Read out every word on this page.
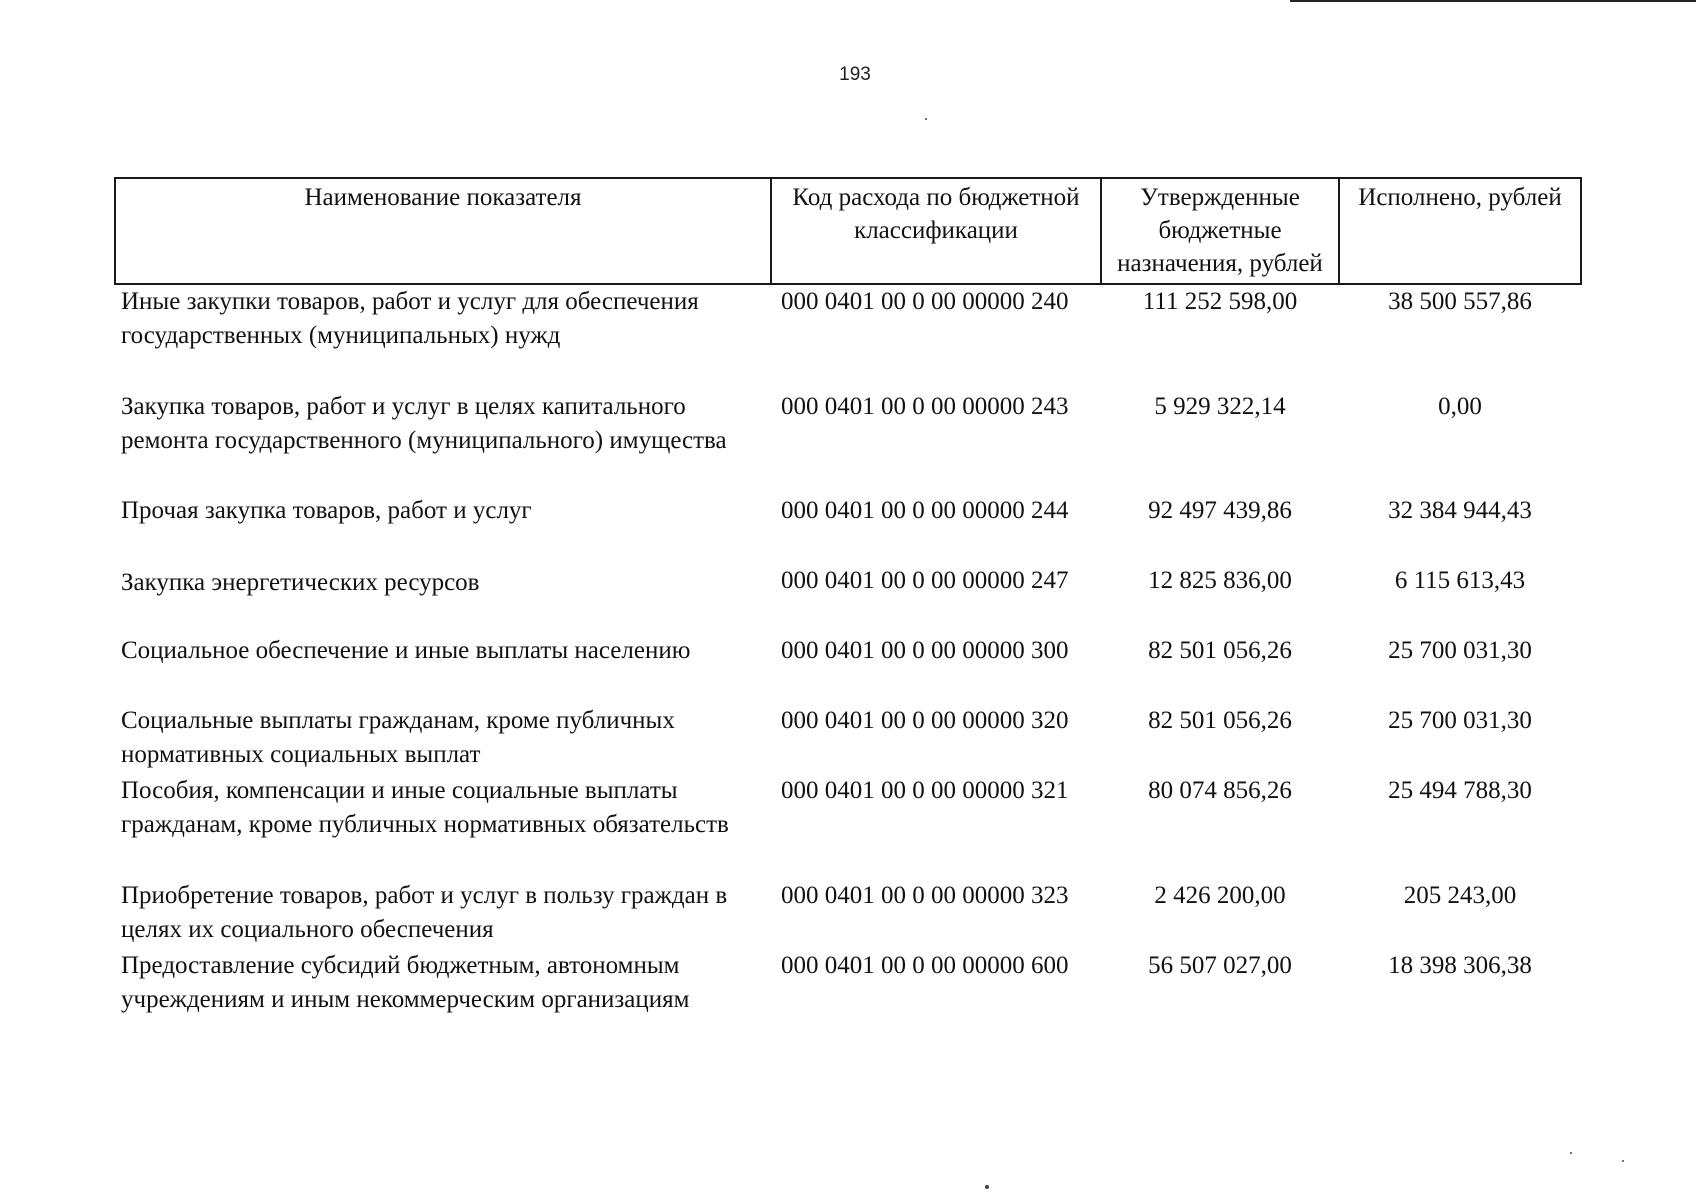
193
Наименование показателя	Код расхода по бюджетной классификации	Утвержденные бюджетные назначения, рублей	Исполнено, рублей
Иные закупки товаров, работ и услуг для обеспечения государственных (муниципальных) нужд	000 0401 00 0 00 00000 240	111 252 598,00	38 500 557,86
Закупка товаров, работ и услуг в целях капитального ремонта государственного (муниципального) имущества	000 0401 00 0 00 00000 243	5 929 322,14	0,00
Прочая закупка товаров, работ и услуг	000 0401 00 0 00 00000 244	92 497 439,86	32 384 944,43
Закупка энергетических ресурсов	000 0401 00 0 00 00000 247	12 825 836,00	6 115 613,43
Социальное обеспечение и иные выплаты населению	000 0401 00 0 00 00000 300	82 501 056,26	25 700 031,30
Социальные выплаты гражданам, кроме публичных нормативных социальных выплат	000 0401 00 0 00 00000 320	82 501 056,26	25 700 031,30
Пособия, компенсации и иные социальные выплаты гражданам, кроме публичных нормативных обязательств	000 0401 00 0 00 00000 321	80 074 856,26	25 494 788,30
Приобретение товаров, работ и услуг в пользу граждан в целях их социального обеспечения	000 0401 00 0 00 00000 323	2 426 200,00	205 243,00
Предоставление субсидий бюджетным, автономным учреждениям и иным некоммерческим организациям	000 0401 00 0 00 00000 600	56 507 027,00	18 398 306,38
